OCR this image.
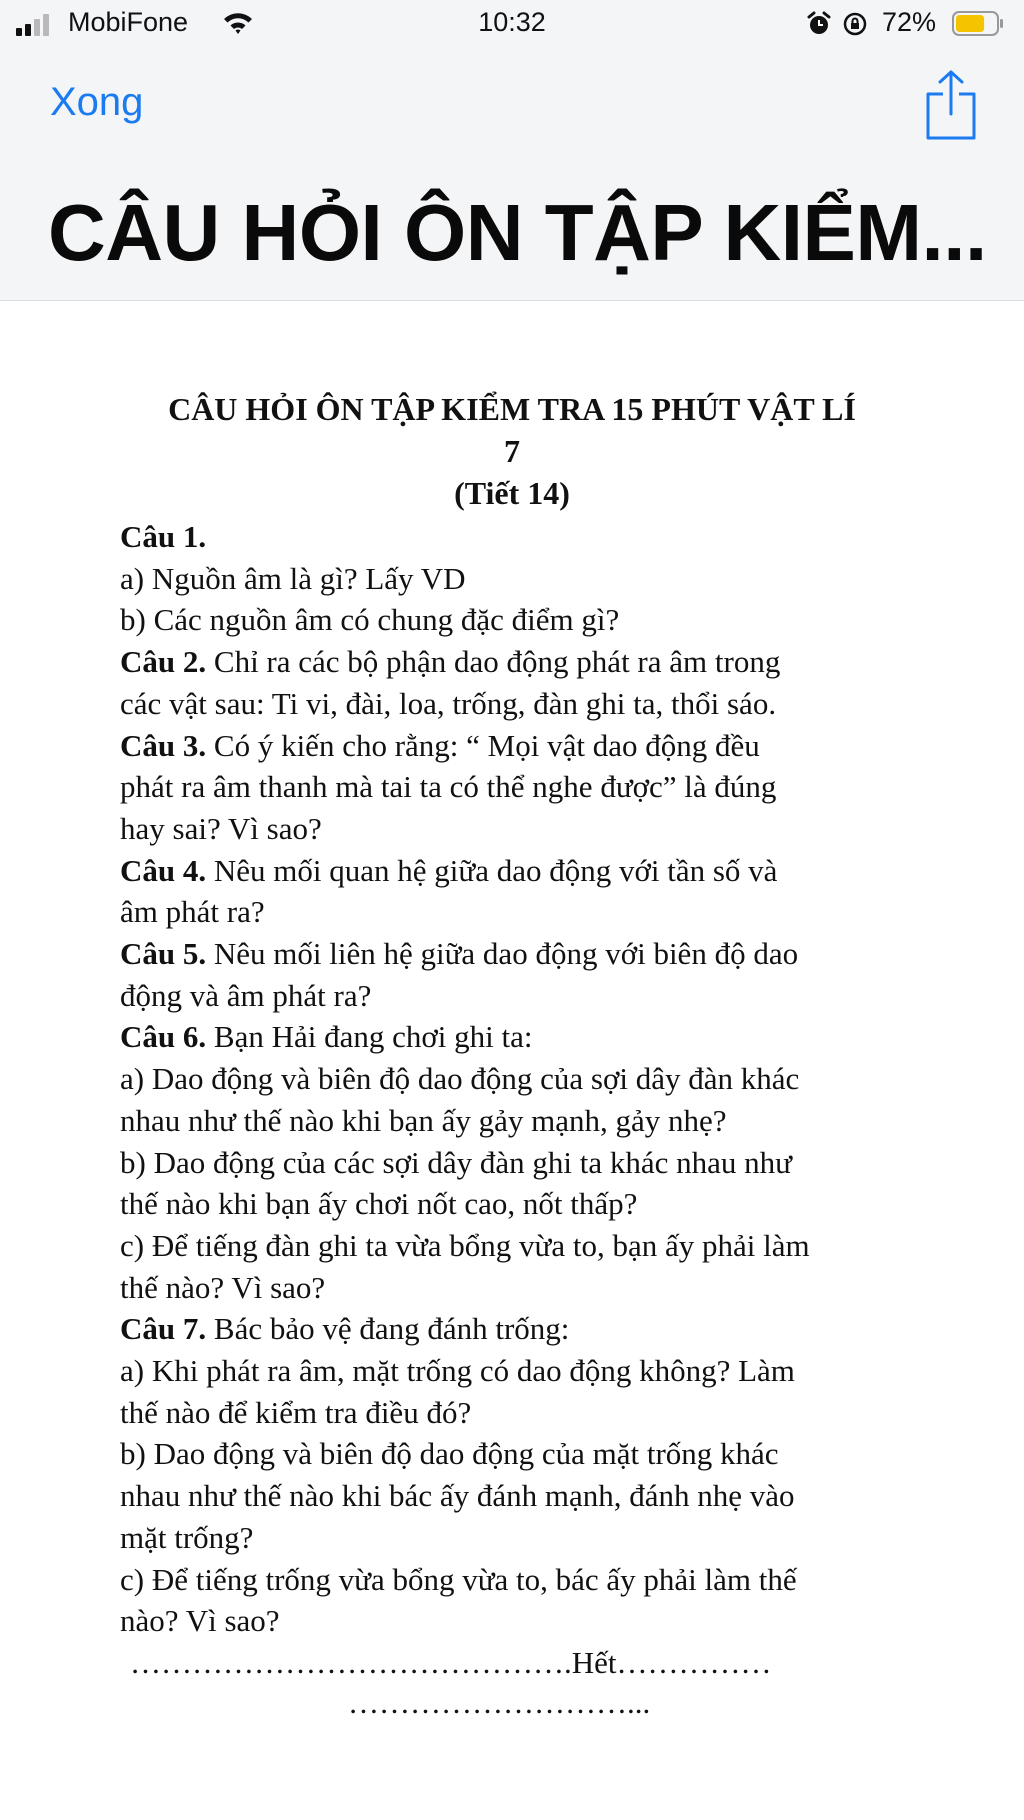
MobiFone	10:32	72%
Xong
CÂU HỎI ÔN TẬP KIỂM...
CÂU HỎI ÔN TẬP KIỂM TRA 15 PHÚT VẬT LÍ
7
(Tiết 14)
Câu 1.
a) Nguồn âm là gì? Lấy VD
b) Các nguồn âm có chung đặc điểm gì?
Câu 2. Chỉ ra các bộ phận dao động phát ra âm trong
các vật sau: Ti vi, đài, loa, trống, đàn ghi ta, thổi sáo.
Câu 3. Có ý kiến cho rằng: “ Mọi vật dao động đều
phát ra âm thanh mà tai ta có thể nghe được” là đúng
hay sai? Vì sao?
Câu 4. Nêu mối quan hệ giữa dao động với tần số và
âm phát ra?
Câu 5. Nêu mối liên hệ giữa dao động với biên độ dao
động và âm phát ra?
Câu 6. Bạn Hải đang chơi ghi ta:
a) Dao động và biên độ dao động của sợi dây đàn khác
nhau như thế nào khi bạn ấy gảy mạnh, gảy nhẹ?
b) Dao động của các sợi dây đàn ghi ta khác nhau như
thế nào khi bạn ấy chơi nốt cao, nốt thấp?
c) Để tiếng đàn ghi ta vừa bổng vừa to, bạn ấy phải làm
thế nào? Vì sao?
Câu 7. Bác bảo vệ đang đánh trống:
a) Khi phát ra âm, mặt trống có dao động không? Làm
thế nào để kiểm tra điều đó?
b) Dao động và biên độ dao động của mặt trống khác
nhau như thế nào khi bác ấy đánh mạnh, đánh nhẹ vào
mặt trống?
c) Để tiếng trống vừa bổng vừa to, bác ấy phải làm thế
nào? Vì sao?
…………………………………….Hết……………
………………………...
